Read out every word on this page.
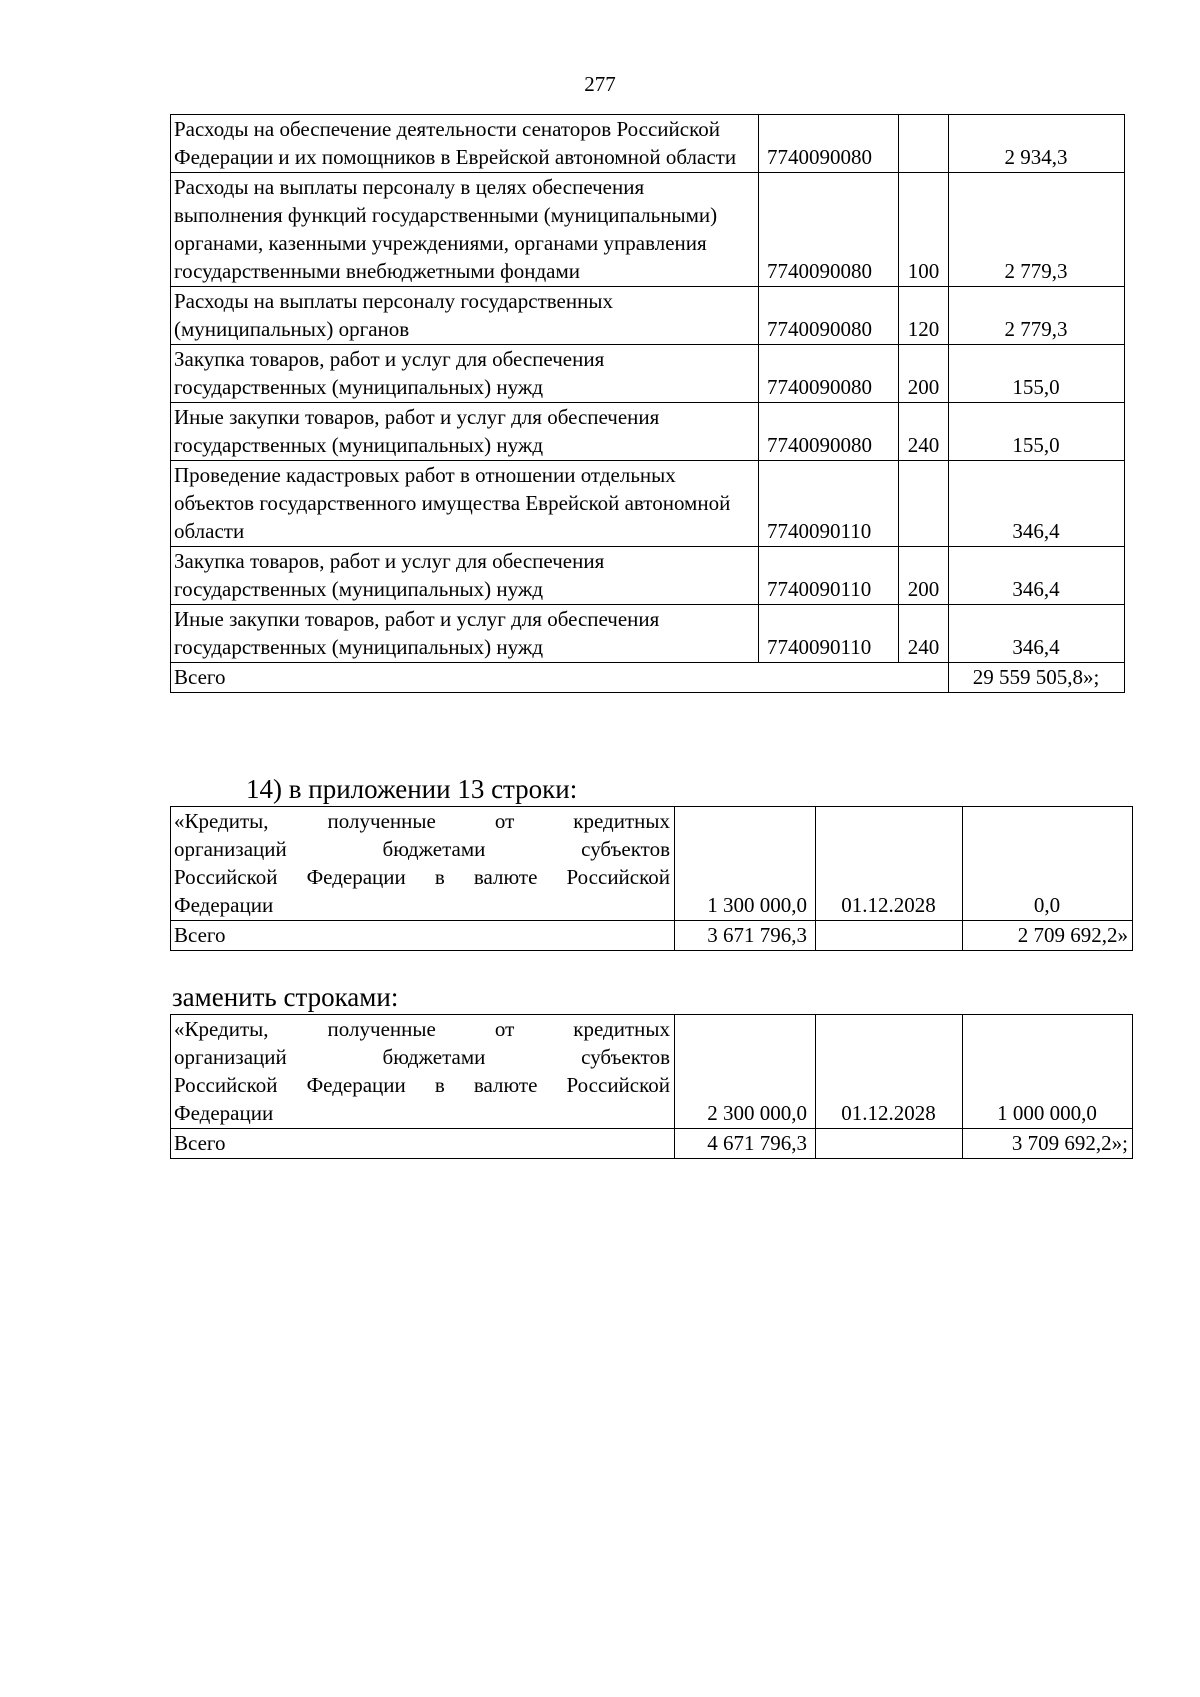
277
Расходы на обеспечение деятельности сенаторов Российской Федерации и их помощников в Еврейской автономной области	7740090080		2 934,3
Расходы на выплаты персоналу в целях обеспечения выполнения функций государственными (муниципальными) органами, казенными учреждениями, органами управления государственными внебюджетными фондами	7740090080	100	2 779,3
Расходы на выплаты персоналу государственных (муниципальных) органов	7740090080	120	2 779,3
Закупка товаров, работ и услуг для обеспечения государственных (муниципальных) нужд	7740090080	200	155,0
Иные закупки товаров, работ и услуг для обеспечения государственных (муниципальных) нужд	7740090080	240	155,0
Проведение кадастровых работ в отношении отдельных объектов государственного имущества Еврейской автономной области	7740090110		346,4
Закупка товаров, работ и услуг для обеспечения государственных (муниципальных) нужд	7740090110	200	346,4
Иные закупки товаров, работ и услуг для обеспечения государственных (муниципальных) нужд	7740090110	240	346,4
Всего			29 559 505,8»;
14) в приложении 13 строки:
«Кредиты, полученные от кредитных
организаций бюджетами субъектов
Российской Федерации в валюте Российской
Федерации	1 300 000,0	01.12.2028	0,0
Всего	3 671 796,3		2 709 692,2»
заменить строками:
«Кредиты, полученные от кредитных
организаций бюджетами субъектов
Российской Федерации в валюте Российской
Федерации	2 300 000,0	01.12.2028	1 000 000,0
Всего	4 671 796,3		3 709 692,2»;
